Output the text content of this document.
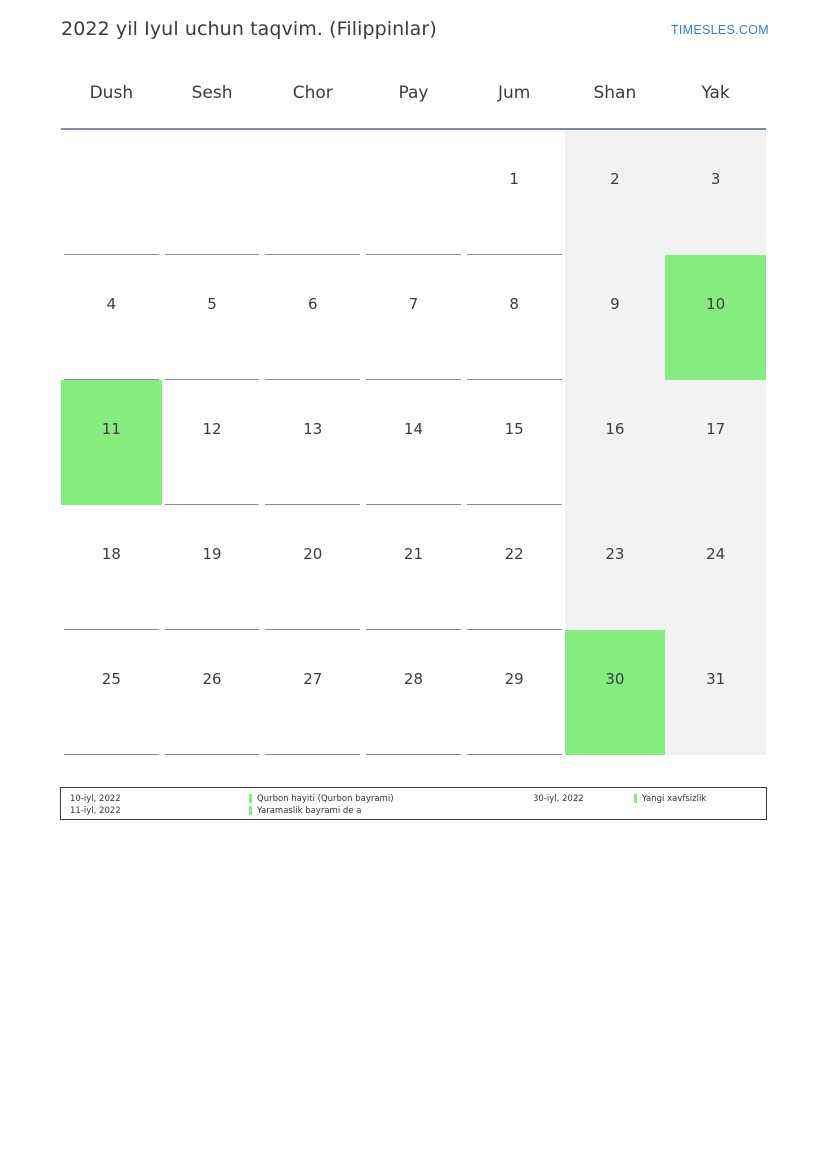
2022 yil Iyul uchun taqvim. (Filippinlar)	TIMESLES.COM
Dush	Sesh	Chor	Pay	Jum	Shan	Yak

				1	2	3

4	5	6	7	8	9	10

11	12	13	14	15	16	17

18	19	20	21	22	23	24

25	26	27	28	29	30	31
10-iyl, 2022	Qurbon hayiti (Qurbon bayrami)
11-iyl, 2022	Yaramaslik bayrami de a
30-iyl, 2022	Yangi xavfsizlik
